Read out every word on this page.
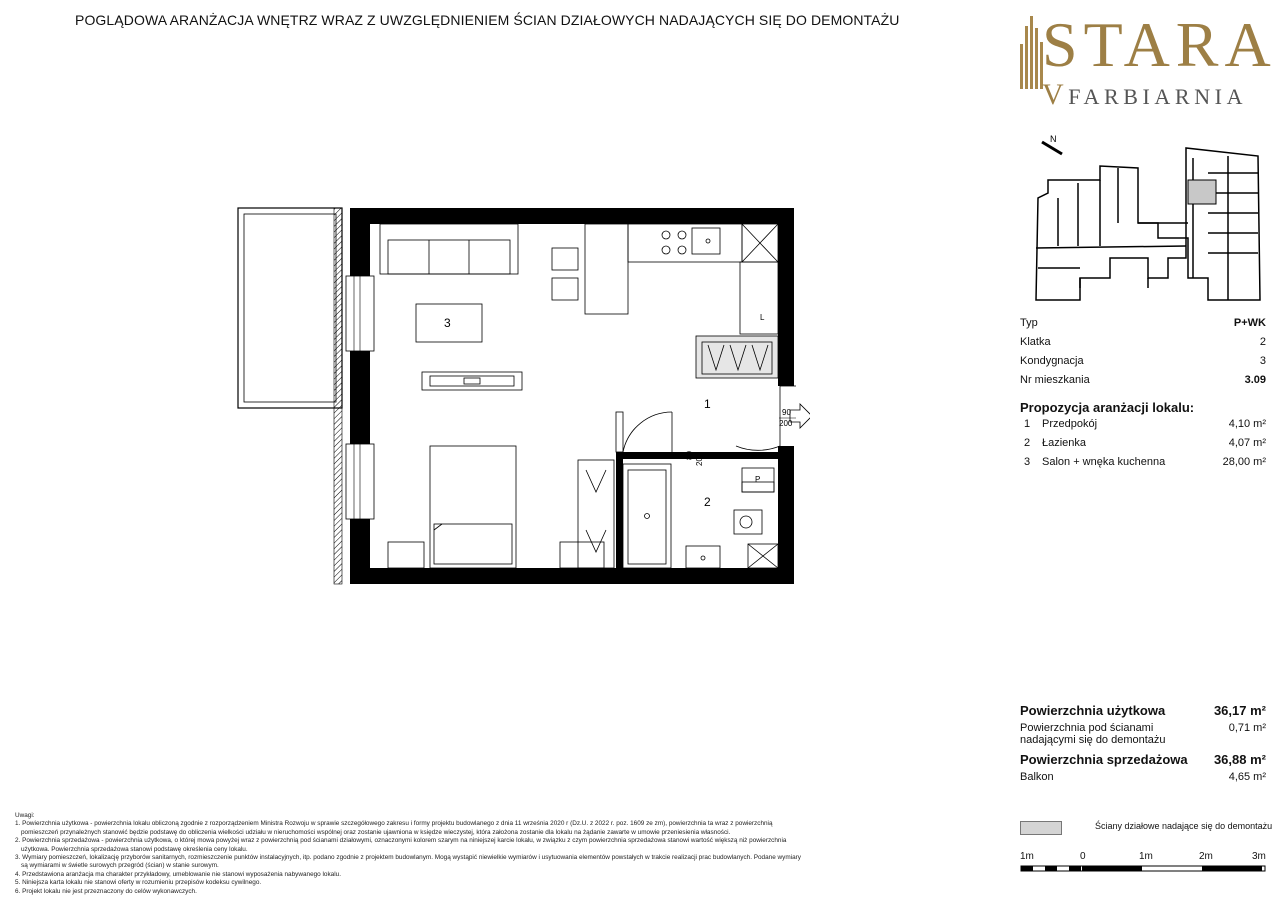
POGLĄDOWA ARANŻACJA WNĘTRZ WRAZ Z UWZGLĘDNIENIEM ŚCIAN DZIAŁOWYCH NADAJĄCYCH SIĘ DO DEMONTAŻU STARA
VFARBIARNIA
N
Typ	P+WK
Klatka	2
Kondygnacja	3
Nr mieszkania	3.09
Propozycja aranżacji lokalu:
1	Przedpokój	4,10 m²
2	Łazienka	4,07 m²
3	Salon + wnęka kuchenna	28,00 m²
Powierzchnia użytkowa	36,17 m²
Powierzchnia pod ścianami
nadającymi się do demontażu
0,71 m²
Powierzchnia sprzedażowa 36,88 m²
Balkon	4,65 m²
Ściany działowe nadające się do demontażu
1m	0	1m	2m	3m
Uwagi:
1. Powierzchnia użytkowa - powierzchnia lokalu obliczoną zgodnie z rozporządzeniem Ministra Rozwoju w sprawie szczegółowego zakresu i formy projektu budowlanego z dnia 11 września 2020 r (Dz.U. z 2022 r. poz. 1609 ze zm), powierzchnia ta wraz z powierzchnią
pomieszczeń przynależnych stanowić będzie podstawę do obliczenia wielkości udziału w nieruchomości wspólnej oraz zostanie ujawniona w księdze wieczystej, która założona zostanie dla lokalu na żądanie zawarte w umowie przeniesienia własności.
2. Powierzchnia sprzedażowa - powierzchnia użytkowa, o której mowa powyżej wraz z powierzchnią pod ścianami działowymi, oznaczonymi kolorem szarym na niniejszej karcie lokalu, w związku z czym powierzchnia sprzedażowa stanowi wartość większą niż powierzchnia
użytkowa. Powierzchnia sprzedażowa stanowi podstawę określenia ceny lokalu.
3. Wymiary pomieszczeń, lokalizację przyborów sanitarnych, rozmieszczenie punktów instalacyjnych, itp. podano zgodnie z projektem budowlanym. Mogą wystąpić niewielkie wymiarów i usytuowania elementów powstałych w trakcie realizacji prac budowlanych. Podane wymiary
są wymiarami w świetle surowych przegród (ścian) w stanie surowym.
4. Przedstawiona aranżacja ma charakter przykładowy, umeblowanie nie stanowi wyposażenia nabywanego lokalu.
5. Niniejsza karta lokalu nie stanowi oferty w rozumieniu przepisów kodeksu cywilnego.
6. Projekt lokalu nie jest przeznaczony do celów wykonawczych.
90
200
80 200
L
3
P
1
2
